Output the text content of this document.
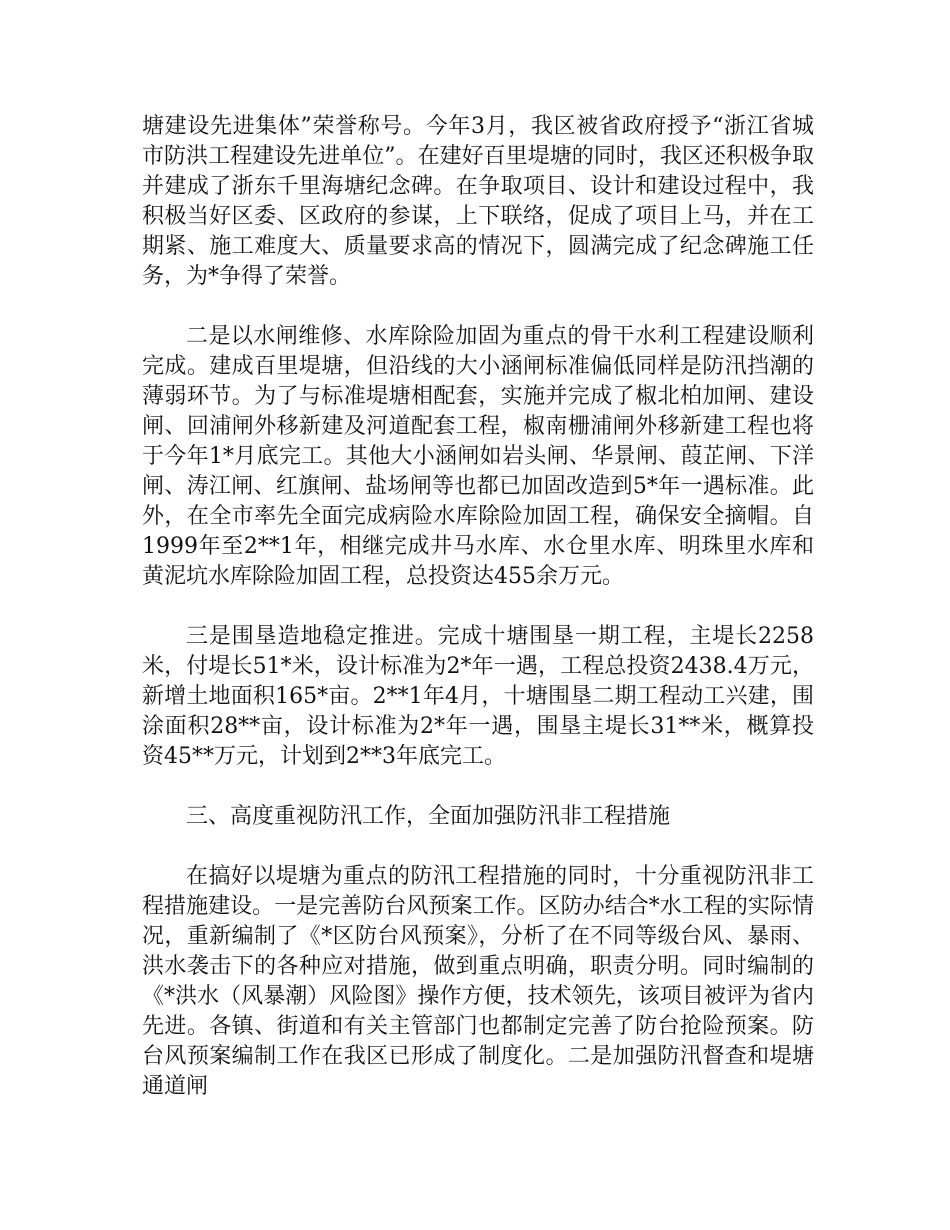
塘建设先进集体”荣誉称号。今年3月，我区被省政府授予“浙江省城市防洪工程建设先进单位”。在建好百里堤塘的同时，我区还积极争取并建成了浙东千里海塘纪念碑。在争取项目、设计和建设过程中，我积极当好区委、区政府的参谋，上下联络，促成了项目上马，并在工期紧、施工难度大、质量要求高的情况下，圆满完成了纪念碑施工任务，为*争得了荣誉。

二是以水闸维修、水库除险加固为重点的骨干水利工程建设顺利完成。建成百里堤塘，但沿线的大小涵闸标准偏低同样是防汛挡潮的薄弱环节。为了与标准堤塘相配套，实施并完成了椒北柏加闸、建设闸、回浦闸外移新建及河道配套工程，椒南栅浦闸外移新建工程也将于今年1*月底完工。其他大小涵闸如岩头闸、华景闸、葭芷闸、下洋闸、涛江闸、红旗闸、盐场闸等也都已加固改造到5*年一遇标准。此外，在全市率先全面完成病险水库除险加固工程，确保安全摘帽。自1999年至2**1年，相继完成井马水库、水仓里水库、明珠里水库和黄泥坑水库除险加固工程，总投资达455余万元。

三是围垦造地稳定推进。完成十塘围垦一期工程，主堤长2258米，付堤长51*米，设计标准为2*年一遇，工程总投资2438.4万元，新增土地面积165*亩。2**1年4月，十塘围垦二期工程动工兴建，围涂面积28**亩，设计标准为2*年一遇，围垦主堤长31**米，概算投资45**万元，计划到2**3年底完工。

三、高度重视防汛工作，全面加强防汛非工程措施

在搞好以堤塘为重点的防汛工程措施的同时，十分重视防汛非工程措施建设。一是完善防台风预案工作。区防办结合*水工程的实际情况，重新编制了《*区防台风预案》，分析了在不同等级台风、暴雨、洪水袭击下的各种应对措施，做到重点明确，职责分明。同时编制的《*洪水（风暴潮）风险图》操作方便，技术领先，该项目被评为省内先进。各镇、街道和有关主管部门也都制定完善了防台抢险预案。防台风预案编制工作在我区已形成了制度化。二是加强防汛督查和堤塘通道闸
